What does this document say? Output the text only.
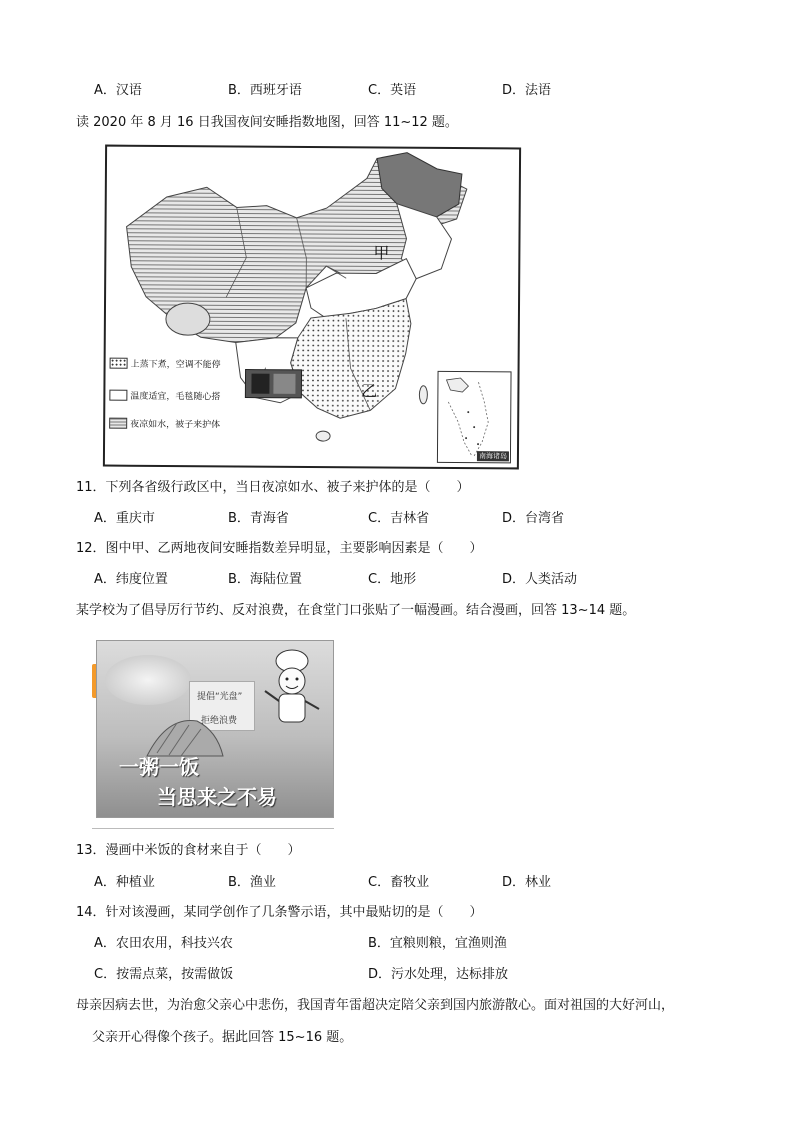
A．汉语	B．西班牙语	C．英语	D．法语
读 2020 年 8 月 16 日我国夜间安睡指数地图，回答 11~12 题。
甲
乙
上蒸下煮，空调不能停
温度适宜，毛毯随心搭
夜凉如水，被子来护体
南海诸岛
11．下列各省级行政区中，当日夜凉如水、被子来护体的是（　　）
A．重庆市	B．青海省	C．吉林省	D．台湾省
12．图中甲、乙两地夜间安睡指数差异明显，主要影响因素是（　　）
A．纬度位置	B．海陆位置	C．地形	D．人类活动
某学校为了倡导厉行节约、反对浪费，在食堂门口张贴了一幅漫画。结合漫画，回答 13~14 题。
提倡“光盘”
拒绝浪费
一粥一饭
当思来之不易
13．漫画中米饭的食材来自于（　　）
A．种植业	B．渔业	C．畜牧业	D．林业
14．针对该漫画，某同学创作了几条警示语，其中最贴切的是（　　）
A．农田农用，科技兴农	B．宜粮则粮，宜渔则渔
C．按需点菜，按需做饭	D．污水处理，达标排放
母亲因病去世，为治愈父亲心中悲伤，我国青年雷超决定陪父亲到国内旅游散心。面对祖国的大好河山，
父亲开心得像个孩子。据此回答 15~16 题。
